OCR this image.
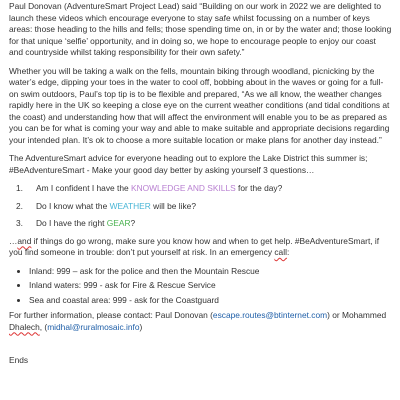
Paul Donovan (AdventureSmart Project Lead) said “Building on our work in 2022 we are delighted to launch these videos which encourage everyone to stay safe whilst focussing on a number of keys areas: those heading to the hills and fells; those spending time on, in or by the water and; those looking for that unique ‘selfie’ opportunity, and in doing so, we hope to encourage people to enjoy our coast and countryside whilst taking responsibility for their own safety.”

Whether you will be taking a walk on the fells, mountain biking through woodland, picnicking by the water’s edge, dipping your toes in the water to cool off, bobbing about in the waves or going for a full-on swim outdoors, Paul’s top tip is to be flexible and prepared, “As we all know, the weather changes rapidly here in the UK so keeping a close eye on the current weather conditions (and tidal conditions at the coast) and understanding how that will affect the environment will enable you to be as prepared as you can be for what is coming your way and able to make suitable and appropriate decisions regarding your intended plan. It’s ok to choose a more suitable location or make plans for another day instead.”

The AdventureSmart advice for everyone heading out to explore the Lake District this summer is; #BeAdventureSmart - Make your good day better by asking yourself 3 questions…

1.	Am I confident I have the KNOWLEDGE AND SKILLS for the day?
2.	Do I know what the WEATHER will be like?
3.	Do I have the right GEAR?

…and if things do go wrong, make sure you know how and when to get help. #BeAdventureSmart, if you find someone in trouble: don’t put yourself at risk. In an emergency call:

• Inland: 999 – ask for the police and then the Mountain Rescue
• Inland waters: 999 - ask for Fire & Rescue Service
• Sea and coastal area: 999 - ask for the Coastguard

For further information, please contact: Paul Donovan (escape.routes@btinternet.com) or Mohammed Dhalech, (midhal@ruralmosaic.info)

Ends
